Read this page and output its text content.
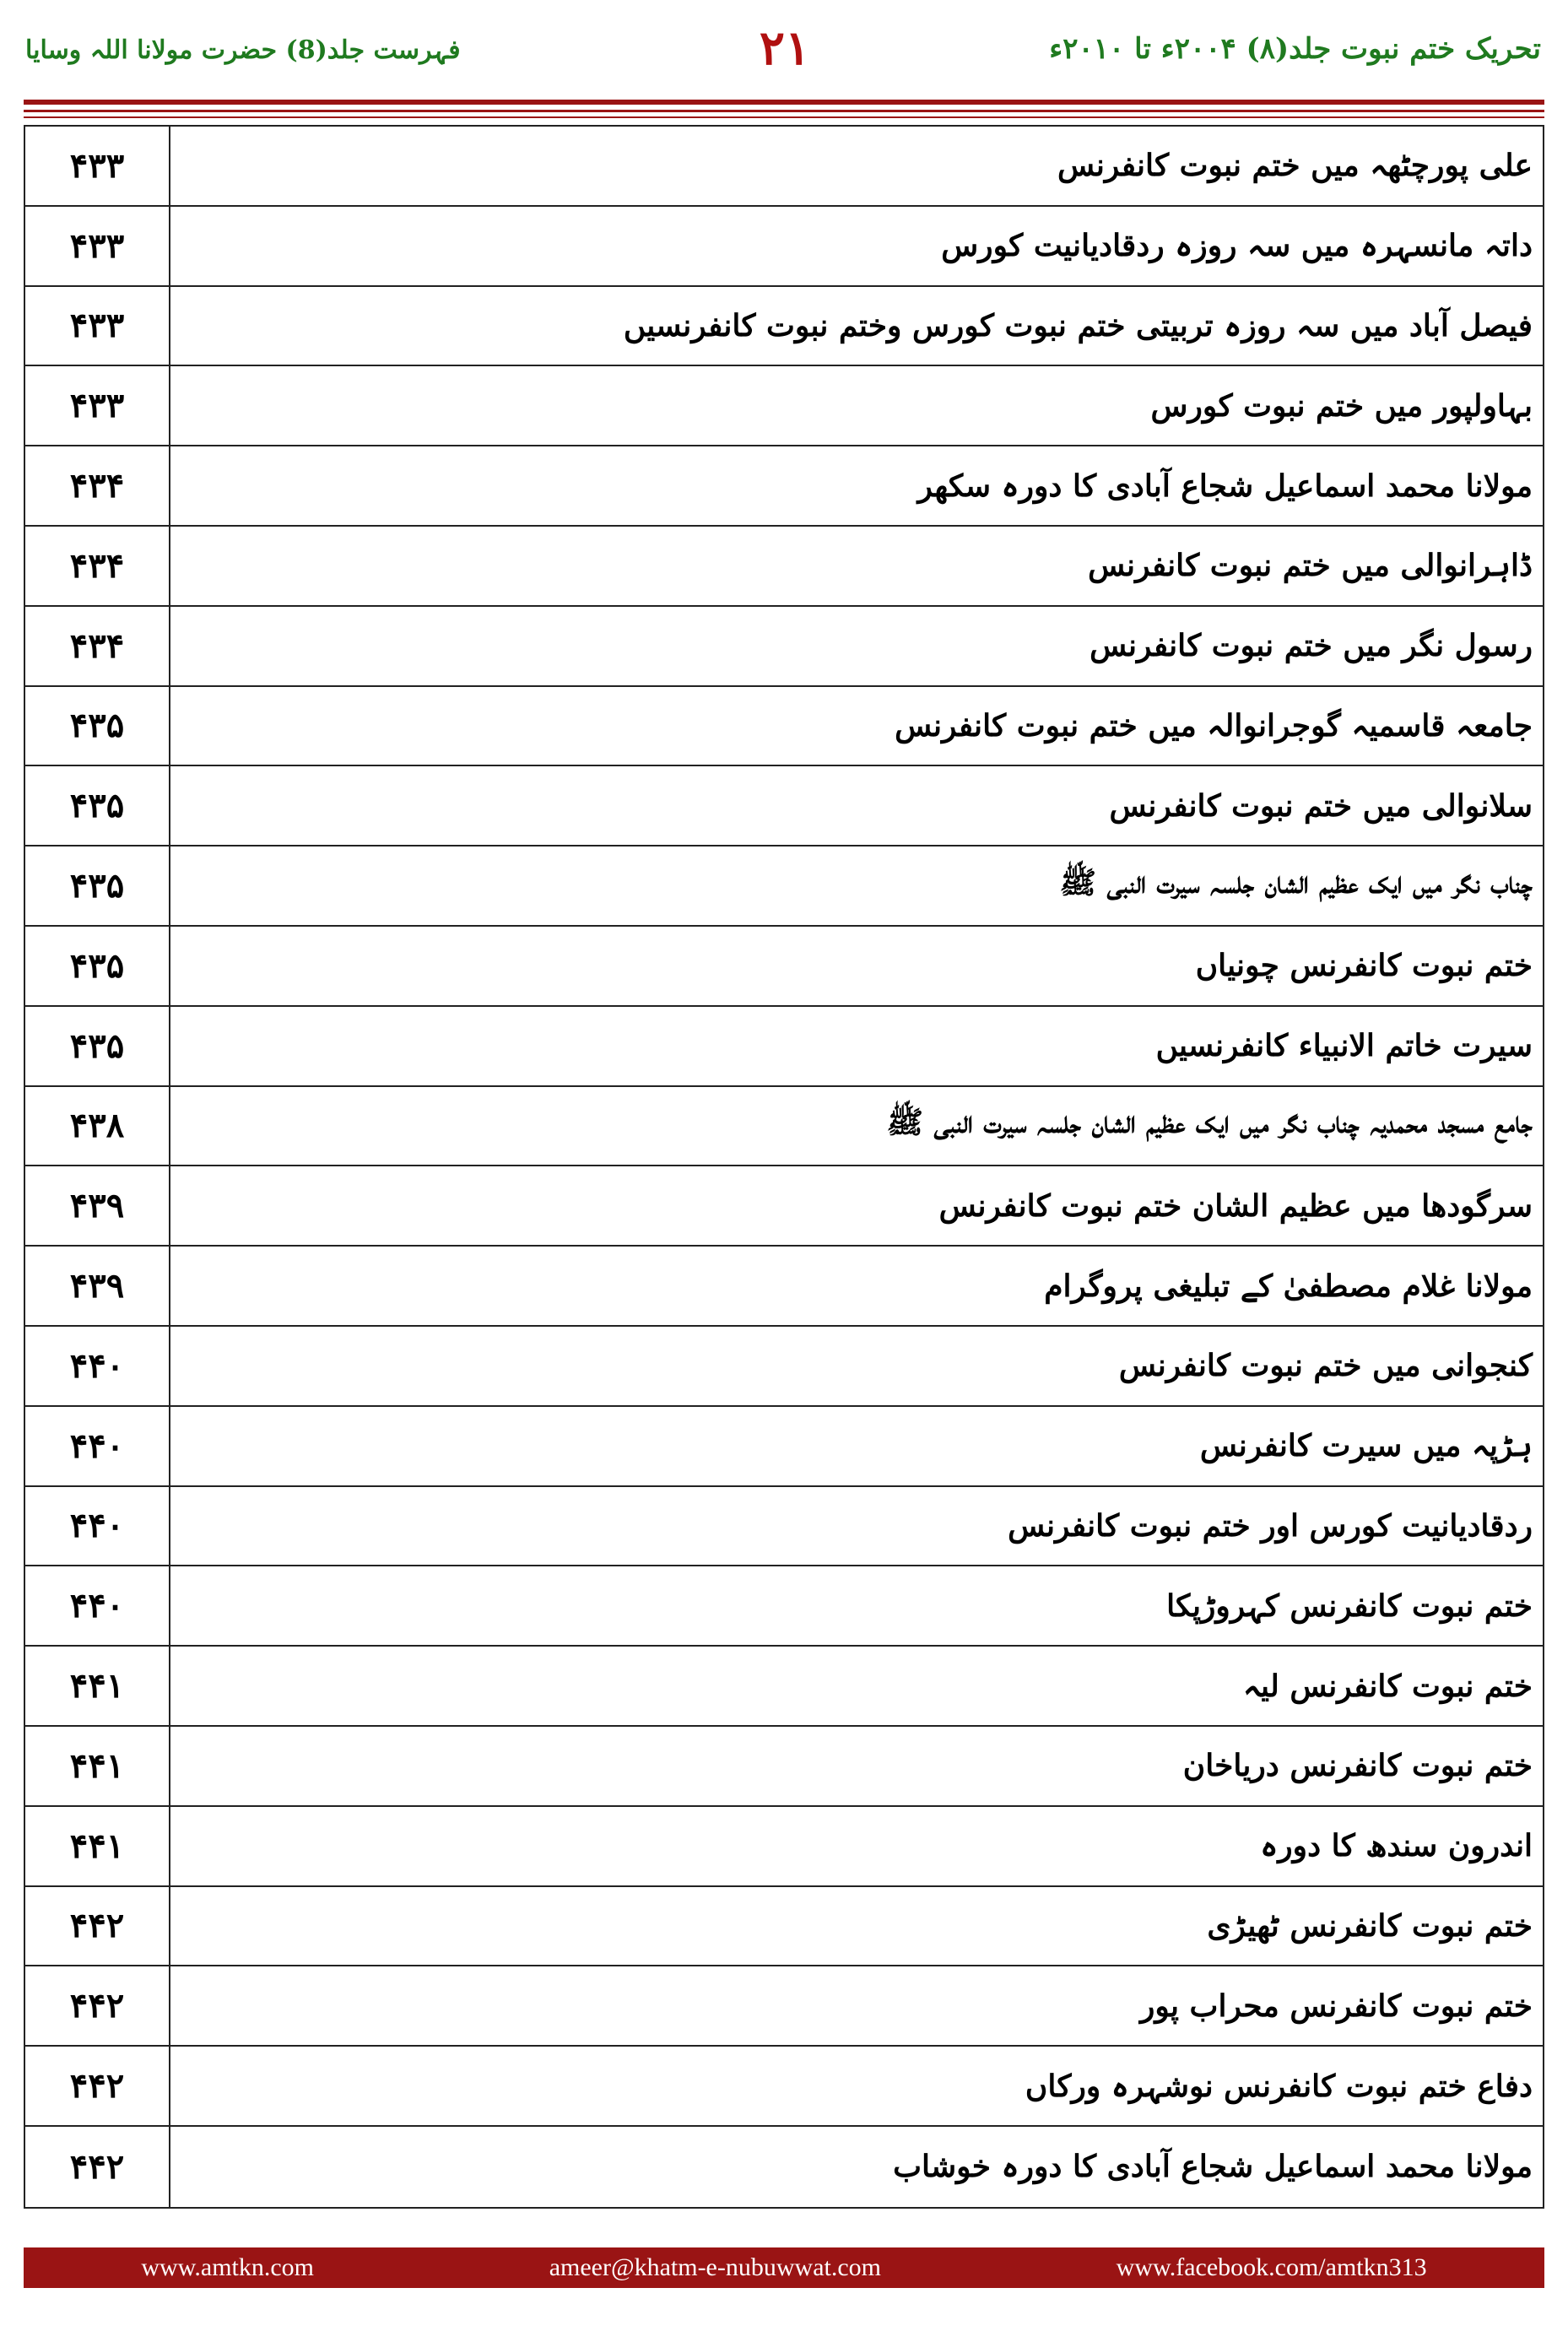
فہرست جلد(8) حضرت مولانا اللہ وسایا	۲۱	تحریک ختم نبوت جلد(۸) ۲۰۰۴ء تا ۲۰۱۰ء
۴۳۳	علی پورچٹھہ میں ختم نبوت کانفرنس
۴۳۳	داتہ مانسہرہ میں سہ روزہ ردقادیانیت کورس
۴۳۳	فیصل آباد میں سہ روزہ تربیتی ختم نبوت کورس وختم نبوت کانفرنسیں
۴۳۳	بہاولپور میں ختم نبوت کورس
۴۳۴	مولانا محمد اسماعیل شجاع آبادی کا دورہ سکھر
۴۳۴	ڈاہرانوالی میں ختم نبوت کانفرنس
۴۳۴	رسول نگر میں ختم نبوت کانفرنس
۴۳۵	جامعہ قاسمیہ گوجرانوالہ میں ختم نبوت کانفرنس
۴۳۵	سلانوالی میں ختم نبوت کانفرنس
۴۳۵	چناب نگر میں ایک عظیم الشان جلسہ سیرت النبی ﷺ
۴۳۵	ختم نبوت کانفرنس چونیاں
۴۳۵	سیرت خاتم الانبیاء کانفرنسیں
۴۳۸	جامع مسجد محمدیہ چناب نگر میں ایک عظیم الشان جلسہ سیرت النبی ﷺ
۴۳۹	سرگودھا میں عظیم الشان ختم نبوت کانفرنس
۴۳۹	مولانا غلام مصطفیٰ کے تبلیغی پروگرام
۴۴۰	کنجوانی میں ختم نبوت کانفرنس
۴۴۰	ہڑپہ میں سیرت کانفرنس
۴۴۰	ردقادیانیت کورس اور ختم نبوت کانفرنس
۴۴۰	ختم نبوت کانفرنس کہروڑپکا
۴۴۱	ختم نبوت کانفرنس لیہ
۴۴۱	ختم نبوت کانفرنس دریاخان
۴۴۱	اندرون سندھ کا دورہ
۴۴۲	ختم نبوت کانفرنس ٹھیڑی
۴۴۲	ختم نبوت کانفرنس محراب پور
۴۴۲	دفاع ختم نبوت کانفرنس نوشہرہ ورکاں
۴۴۲	مولانا محمد اسماعیل شجاع آبادی کا دورہ خوشاب
www.amtkn.com	ameer@khatm-e-nubuwwat.com	www.facebook.com/amtkn313
